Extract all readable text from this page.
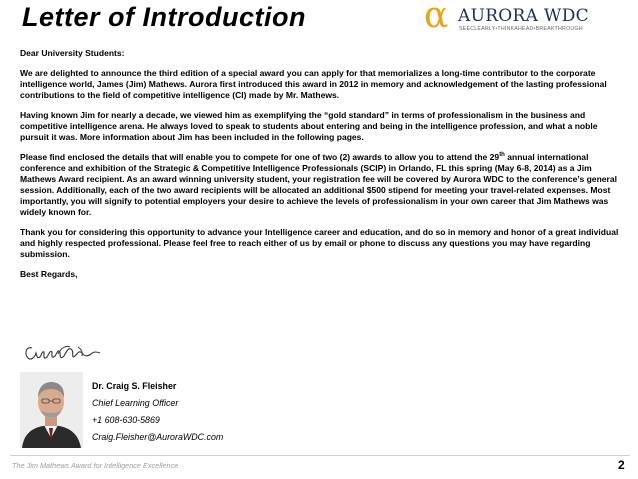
Letter of Introduction	α AURORA WDC
SEECLEARLY•THINKAHEAD•BREAKTHROUGH

Dear University Students:

We are delighted to announce the third edition of a special award you can apply for that memorializes a long-time contributor to the corporate intelligence world, James (Jim) Mathews. Aurora first introduced this award in 2012 in memory and acknowledgement of the lasting professional contributions to the field of competitive intelligence (CI) made by Mr. Mathews.

Having known Jim for nearly a decade, we viewed him as exemplifying the “gold standard” in terms of professionalism in the business and competitive intelligence arena. He always loved to speak to students about entering and being in the intelligence profession, and what a noble pursuit it was. More information about Jim has been included in the following pages.

Please find enclosed the details that will enable you to compete for one of two (2) awards to allow you to attend the 29th annual international conference and exhibition of the Strategic & Competitive Intelligence Professionals (SCIP) in Orlando, FL this spring (May 6-8, 2014) as a Jim Mathews Award recipient. As an award winning university student, your registration fee will be covered by Aurora WDC to the conference’s general session. Additionally, each of the two award recipients will be allocated an additional $500 stipend for meeting your travel-related expenses. Most importantly, you will signify to potential employers your desire to achieve the levels of professionalism in your own career that Jim Mathews was widely known for.

Thank you for considering this opportunity to advance your Intelligence career and education, and do so in memory and honor of a great individual and highly respected professional. Please feel free to reach either of us by email or phone to discuss any questions you may have regarding submission.

Best Regards,

Dr. Craig S. Fleisher
Chief Learning Officer
+1 608-630-5869
Craig.Fleisher@AuroraWDC.com
The Jim Mathews Award for Intelligence Excellence	2
